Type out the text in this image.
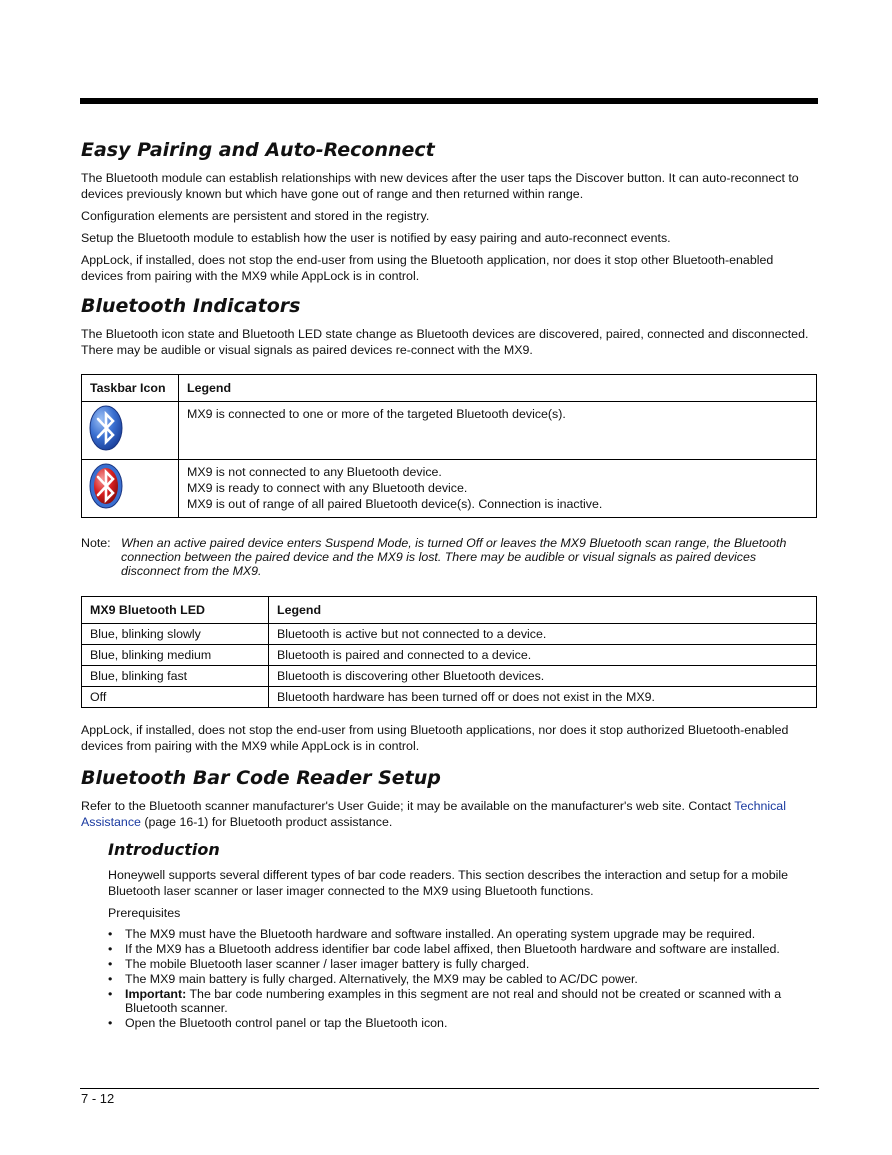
Easy Pairing and Auto-Reconnect

The Bluetooth module can establish relationships with new devices after the user taps the Discover button. It can auto-reconnect to devices previously known but which have gone out of range and then returned within range.

Configuration elements are persistent and stored in the registry.

Setup the Bluetooth module to establish how the user is notified by easy pairing and auto-reconnect events.

AppLock, if installed, does not stop the end-user from using the Bluetooth application, nor does it stop other Bluetooth-enabled devices from pairing with the MX9 while AppLock is in control.

Bluetooth Indicators

The Bluetooth icon state and Bluetooth LED state change as Bluetooth devices are discovered, paired, connected and disconnected. There may be audible or visual signals as paired devices re-connect with the MX9.

Taskbar Icon	Legend

MX9 is connected to one or more of the targeted Bluetooth device(s).

MX9 is not connected to any Bluetooth device.
MX9 is ready to connect with any Bluetooth device.
MX9 is out of range of all paired Bluetooth device(s). Connection is inactive.
Note: When an active paired device enters Suspend Mode, is turned Off or leaves the MX9 Bluetooth scan range, the Bluetooth connection between the paired device and the MX9 is lost. There may be audible or visual signals as paired devices disconnect from the MX9.
MX9 Bluetooth LED	Legend
Blue, blinking slowly	Bluetooth is active but not connected to a device.
Blue, blinking medium	Bluetooth is paired and connected to a device.
Blue, blinking fast	Bluetooth is discovering other Bluetooth devices.
Off	Bluetooth hardware has been turned off or does not exist in the MX9.

AppLock, if installed, does not stop the end-user from using Bluetooth applications, nor does it stop authorized Bluetooth-enabled devices from pairing with the MX9 while AppLock is in control.

Bluetooth Bar Code Reader Setup

Refer to the Bluetooth scanner manufacturer's User Guide; it may be available on the manufacturer's web site. Contact Technical Assistance (page 16-1) for Bluetooth product assistance.

Introduction

Honeywell supports several different types of bar code readers. This section describes the interaction and setup for a mobile Bluetooth laser scanner or laser imager connected to the MX9 using Bluetooth functions.

Prerequisites

• The MX9 must have the Bluetooth hardware and software installed. An operating system upgrade may be required.
• If the MX9 has a Bluetooth address identifier bar code label affixed, then Bluetooth hardware and software are installed.
• The mobile Bluetooth laser scanner / laser imager battery is fully charged.
• The MX9 main battery is fully charged. Alternatively, the MX9 may be cabled to AC/DC power.
• Important: The bar code numbering examples in this segment are not real and should not be created or scanned with a Bluetooth scanner.
• Open the Bluetooth control panel or tap the Bluetooth icon.
7 - 12
